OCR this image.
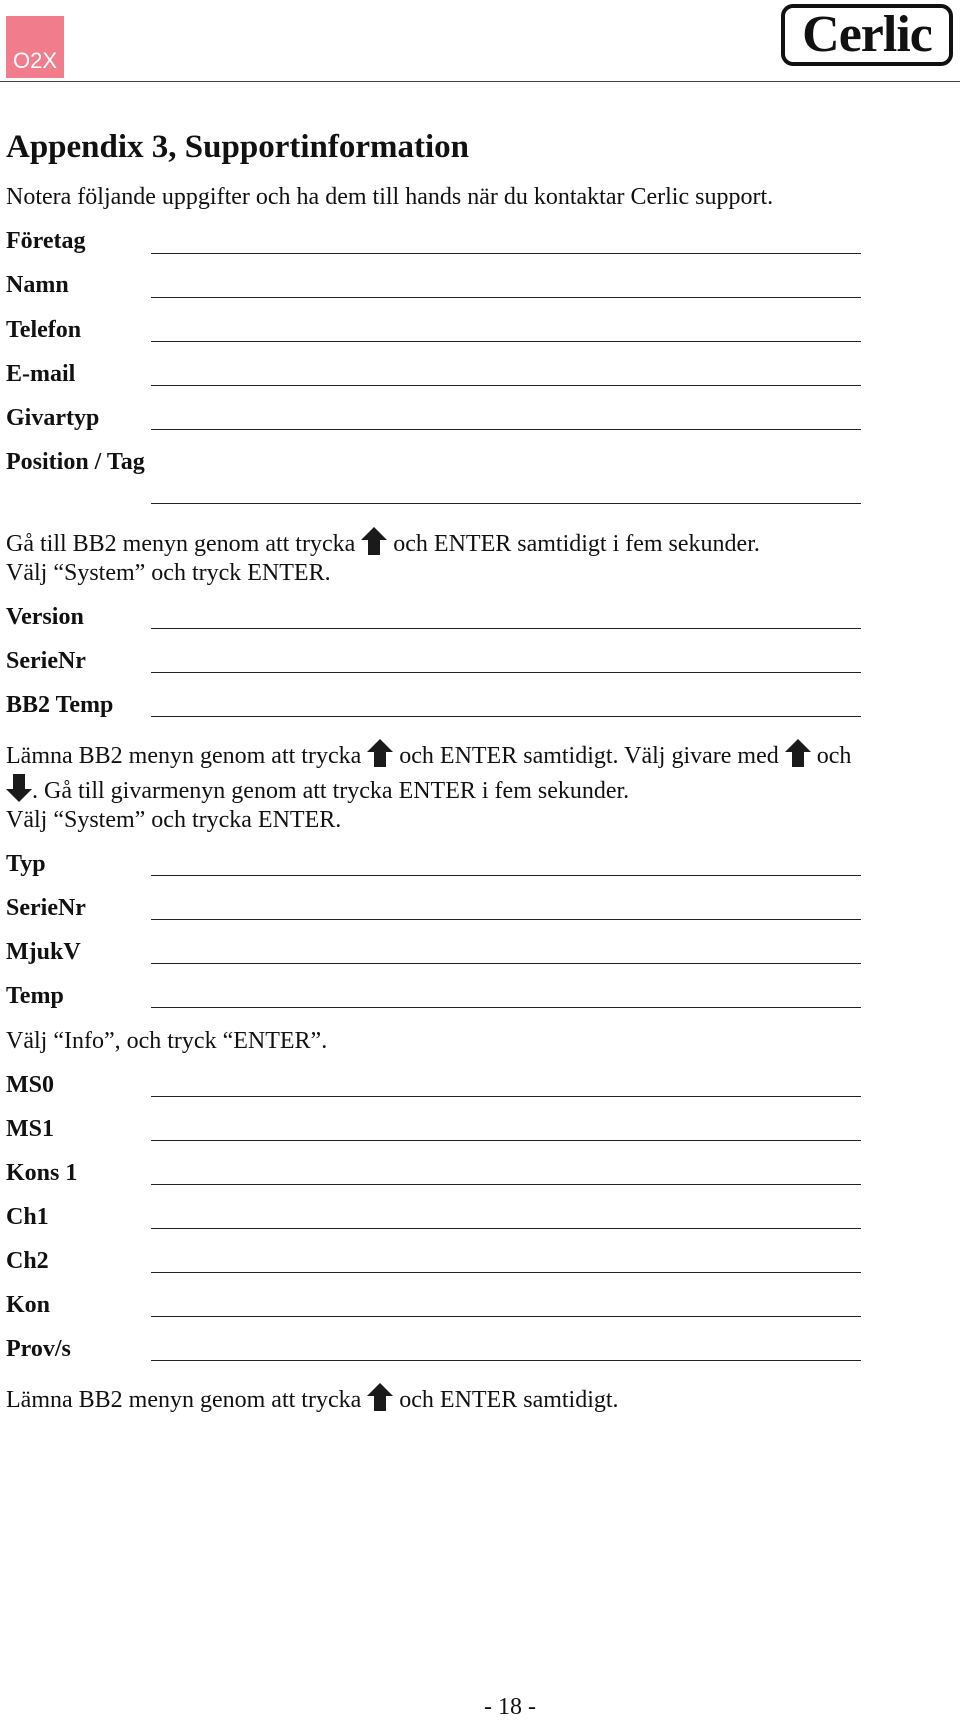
O2X	Cerlic
Appendix 3, Supportinformation
Notera följande uppgifter och ha dem till hands när du kontaktar Cerlic support.
Företag
Namn
Telefon
E-mail
Givartyp
Position / Tag
Gå till BB2 menyn genom att trycka och ENTER samtidigt i fem sekunder.
Välj “System” och tryck ENTER.
Version
SerieNr
BB2 Temp
Lämna BB2 menyn genom att trycka och ENTER samtidigt. Välj givare med och
. Gå till givarmenyn genom att trycka ENTER i fem sekunder.
Välj “System” och trycka ENTER.
Typ
SerieNr
MjukV
Temp
Välj “Info”, och tryck “ENTER”.
MS0
MS1
Kons 1
Ch1
Ch2
Kon
Prov/s
Lämna BB2 menyn genom att trycka och ENTER samtidigt.
- 18 -
